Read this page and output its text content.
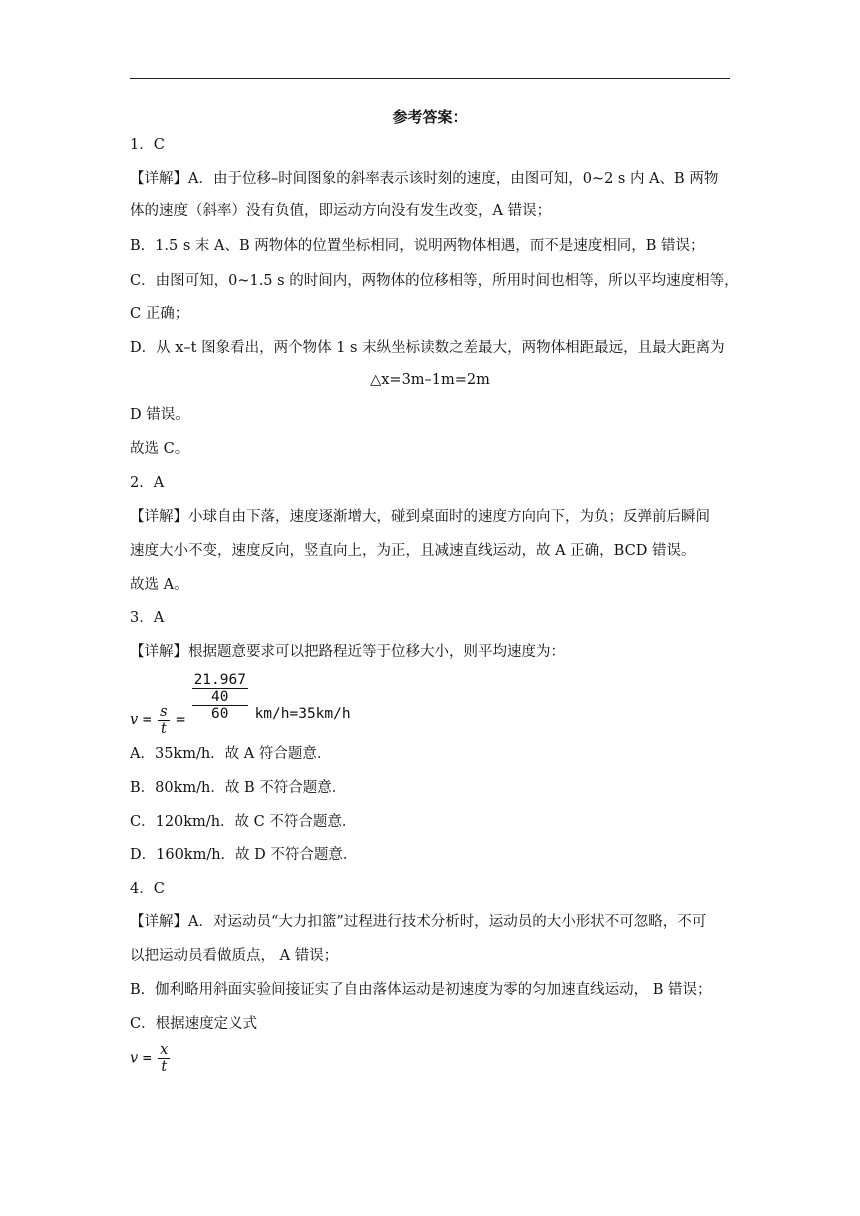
参考答案：
1．C
【详解】A．由于位移–时间图象的斜率表示该时刻的速度，由图可知，0~2 s 内 A、B 两物
体的速度（斜率）没有负值，即运动方向没有发生改变，A 错误；
B．1.5 s 末 A、B 两物体的位置坐标相同，说明两物体相遇，而不是速度相同，B 错误；
C．由图可知，0~1.5 s 的时间内，两物体的位移相等，所用时间也相等，所以平均速度相等，
C 正确；
D．从 x–t 图象看出，两个物体 1 s 末纵坐标读数之差最大，两物体相距最远，且最大距离为
△x=3m–1m=2m
D 错误。
故选 C。
2．A
【详解】小球自由下落，速度逐渐增大，碰到桌面时的速度方向向下，为负；反弹前后瞬间
速度大小不变，速度反向，竖直向上，为正，且减速直线运动，故 A 正确，BCD 错误。
故选 A。
3．A
【详解】根据题意要求可以把路程近等于位移大小，则平均速度为：
$v = \frac{s}{t} = 21.967$
40
60 km/h=35km/h
A．35km/h．故 A 符合题意．
B．80km/h．故 B 不符合题意．
C．120km/h．故 C 不符合题意．
D．160km/h．故 D 不符合题意．
4．C
【详解】A．对运动员“大力扣篮”过程进行技术分析时，运动员的大小形状不可忽略，不可
以把运动员看做质点， A 错误；
B．伽利略用斜面实验间接证实了自由落体运动是初速度为零的匀加速直线运动， B 错误；
C．根据速度定义式
$v = \frac{x}{t}$
